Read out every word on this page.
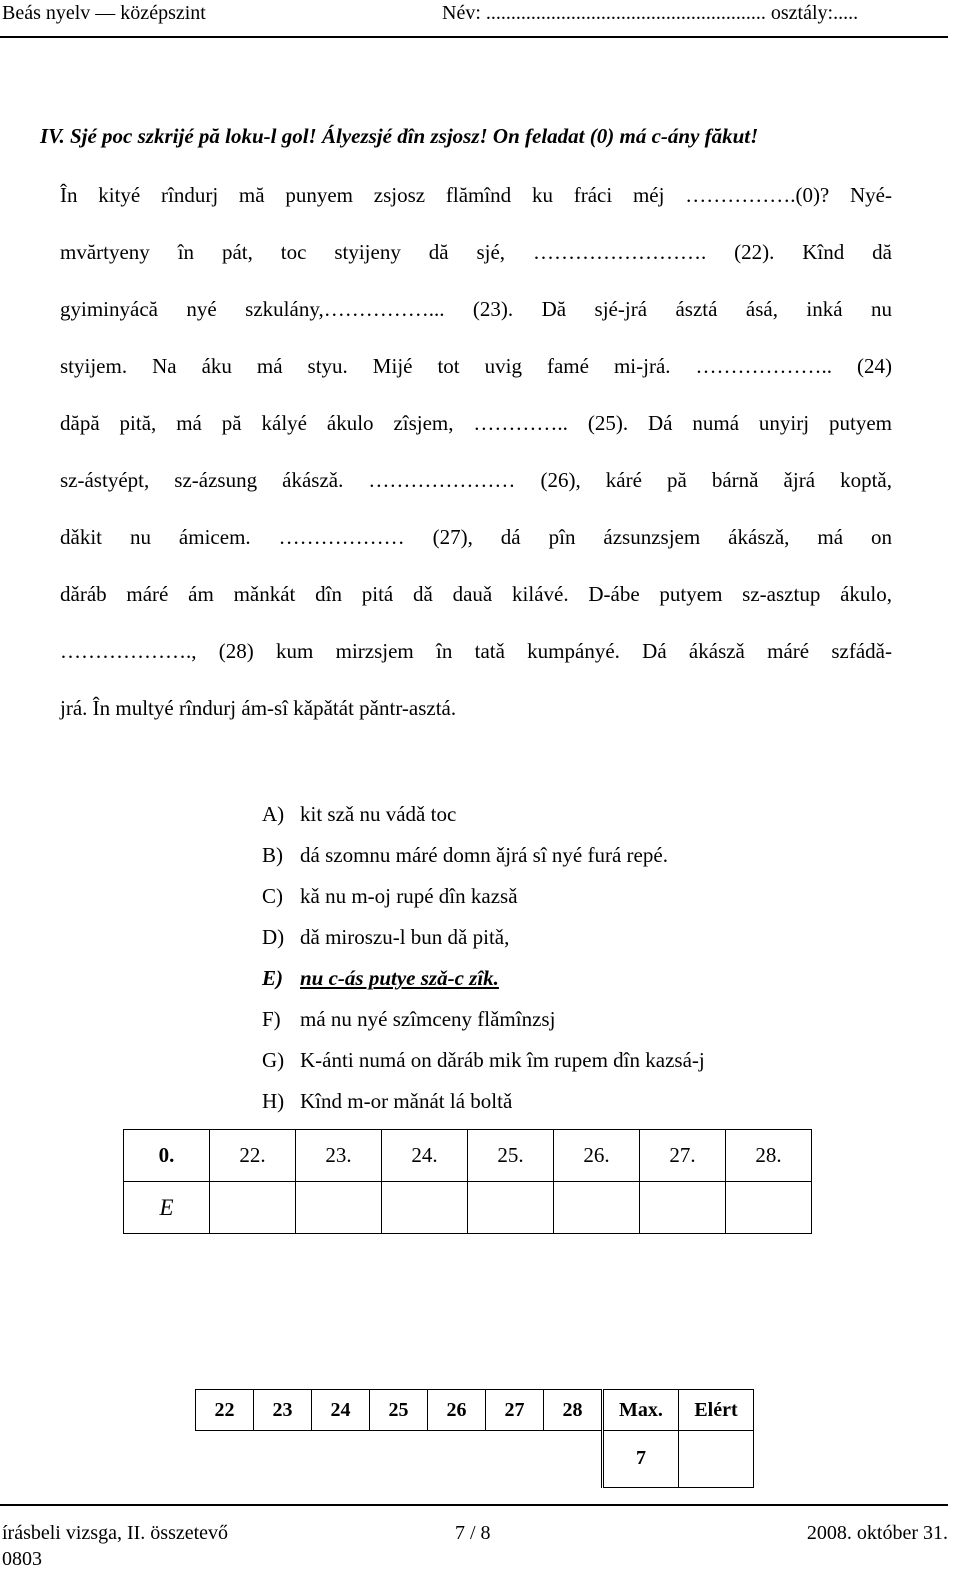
Beás nyelv — középszint	Név: ........................................................ osztály:.....
IV. Sjé poc szkrijé pă loku-l gol! Ályezsjé dîn zsjosz! On feladat (0) má c-ány făkut!
În kityé rîndurj mă punyem zsjosz flămînd ku fráci méj …………….(0)? Nyé-
mvărtyeny în pát, toc styijeny dă sjé, ……………………. (22). Kînd dă
gyiminyácă nyé szkulány,……………... (23). Dă sjé-jrá ásztá ásá, inká nu
styijem. Na áku má styu. Mijé tot uvig famé mi-jrá. ……………….. (24)
dăpă pită, má pă kályé ákulo zîsjem, ………….. (25). Dá numá unyirj putyem
sz-ástyépt, sz-ázsung ákászǎ. ………………… (26), káré pă bárnǎ ǎjrá koptǎ,
dǎkit nu ámicem. ……………… (27), dá pîn ázsunzsjem ákászǎ, má on
dǎráb máré ám mǎnkát dîn pitá dǎ dauǎ kilávé. D-ábe putyem sz-asztup ákulo,
………………., (28) kum mirzsjem în tatǎ kumpányé. Dá ákászǎ máré szfádǎ-
jrá. În multyé rîndurj ám-sî kǎpǎtát pǎntr-asztá.
A) kit szǎ nu vádǎ toc
B) dá szomnu máré domn ǎjrá sî nyé furá repé.
C) kǎ nu m-oj rupé dîn kazsǎ
D) dǎ miroszu-l bun dǎ pitǎ,
E) nu c-ás putye szǎ-c zîk.
F) má nu nyé szîmceny flǎmînzsj
G) K-ánti numá on dǎráb mik îm rupem dîn kazsá-j
H) Kînd m-or mǎnát lá boltǎ
0.	22.	23.	24.	25.	26.	27.	28.
E							
22	23	24	25	26	27	28	Max.	Elért
							7	
írásbeli vizsga, II. összetevő	7 / 8	2008. október 31.
0803
